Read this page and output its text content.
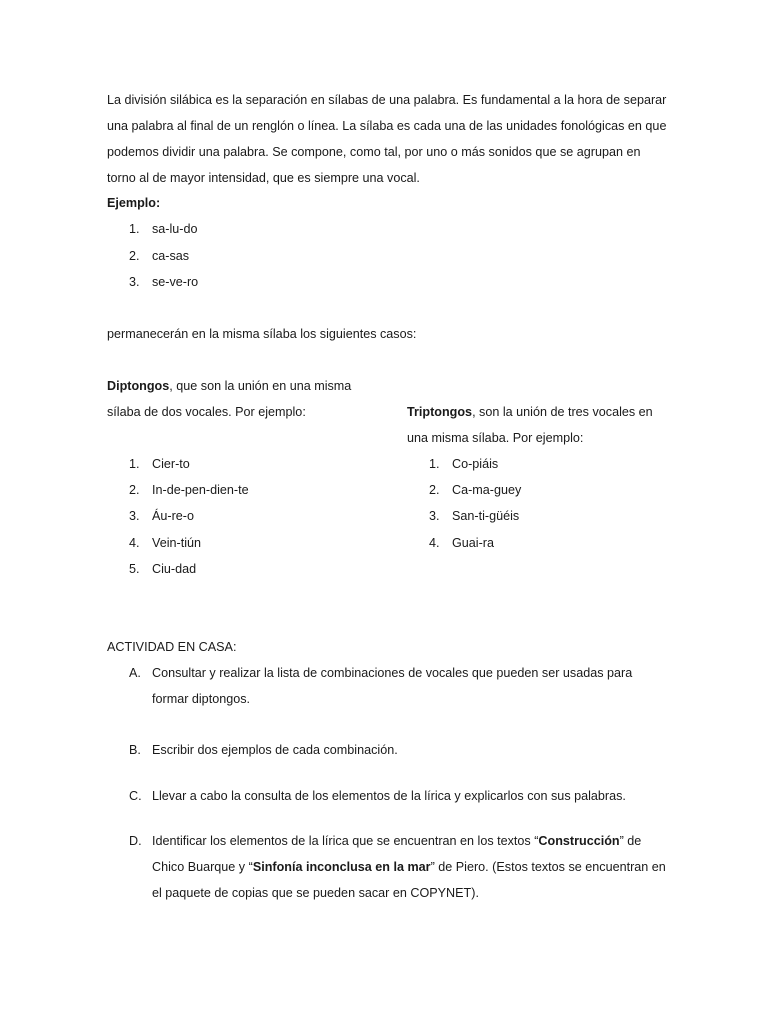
La división silábica es la separación en sílabas de una palabra. Es fundamental a la hora de separar
una palabra al final de un renglón o línea. La sílaba es cada una de las unidades fonológicas en que
podemos dividir una palabra. Se compone, como tal, por uno o más sonidos que se agrupan en
torno al de mayor intensidad, que es siempre una vocal.
Ejemplo:
1. sa-lu-do
2. ca-sas
3. se-ve-ro
permanecerán en la misma sílaba los siguientes casos:
Diptongos, que son la unión en una misma
sílaba de dos vocales. Por ejemplo:
1. Cier-to
2. In-de-pen-dien-te
3. Áu-re-o
4. Vein-tiún
5. Ciu-dad
Triptongos, son la unión de tres vocales en
una misma sílaba. Por ejemplo:
1. Co-piáis
2. Ca-ma-guey
3. San-ti-güéis
4. Guai-ra
ACTIVIDAD EN CASA:
A. Consultar y realizar la lista de combinaciones de vocales que pueden ser usadas para
formar diptongos.
B. Escribir dos ejemplos de cada combinación.
C. Llevar a cabo la consulta de los elementos de la lírica y explicarlos con sus palabras.
D. Identificar los elementos de la lírica que se encuentran en los textos “Construcción” de
Chico Buarque y “Sinfonía inconclusa en la mar” de Piero. (Estos textos se encuentran en
el paquete de copias que se pueden sacar en COPYNET).
